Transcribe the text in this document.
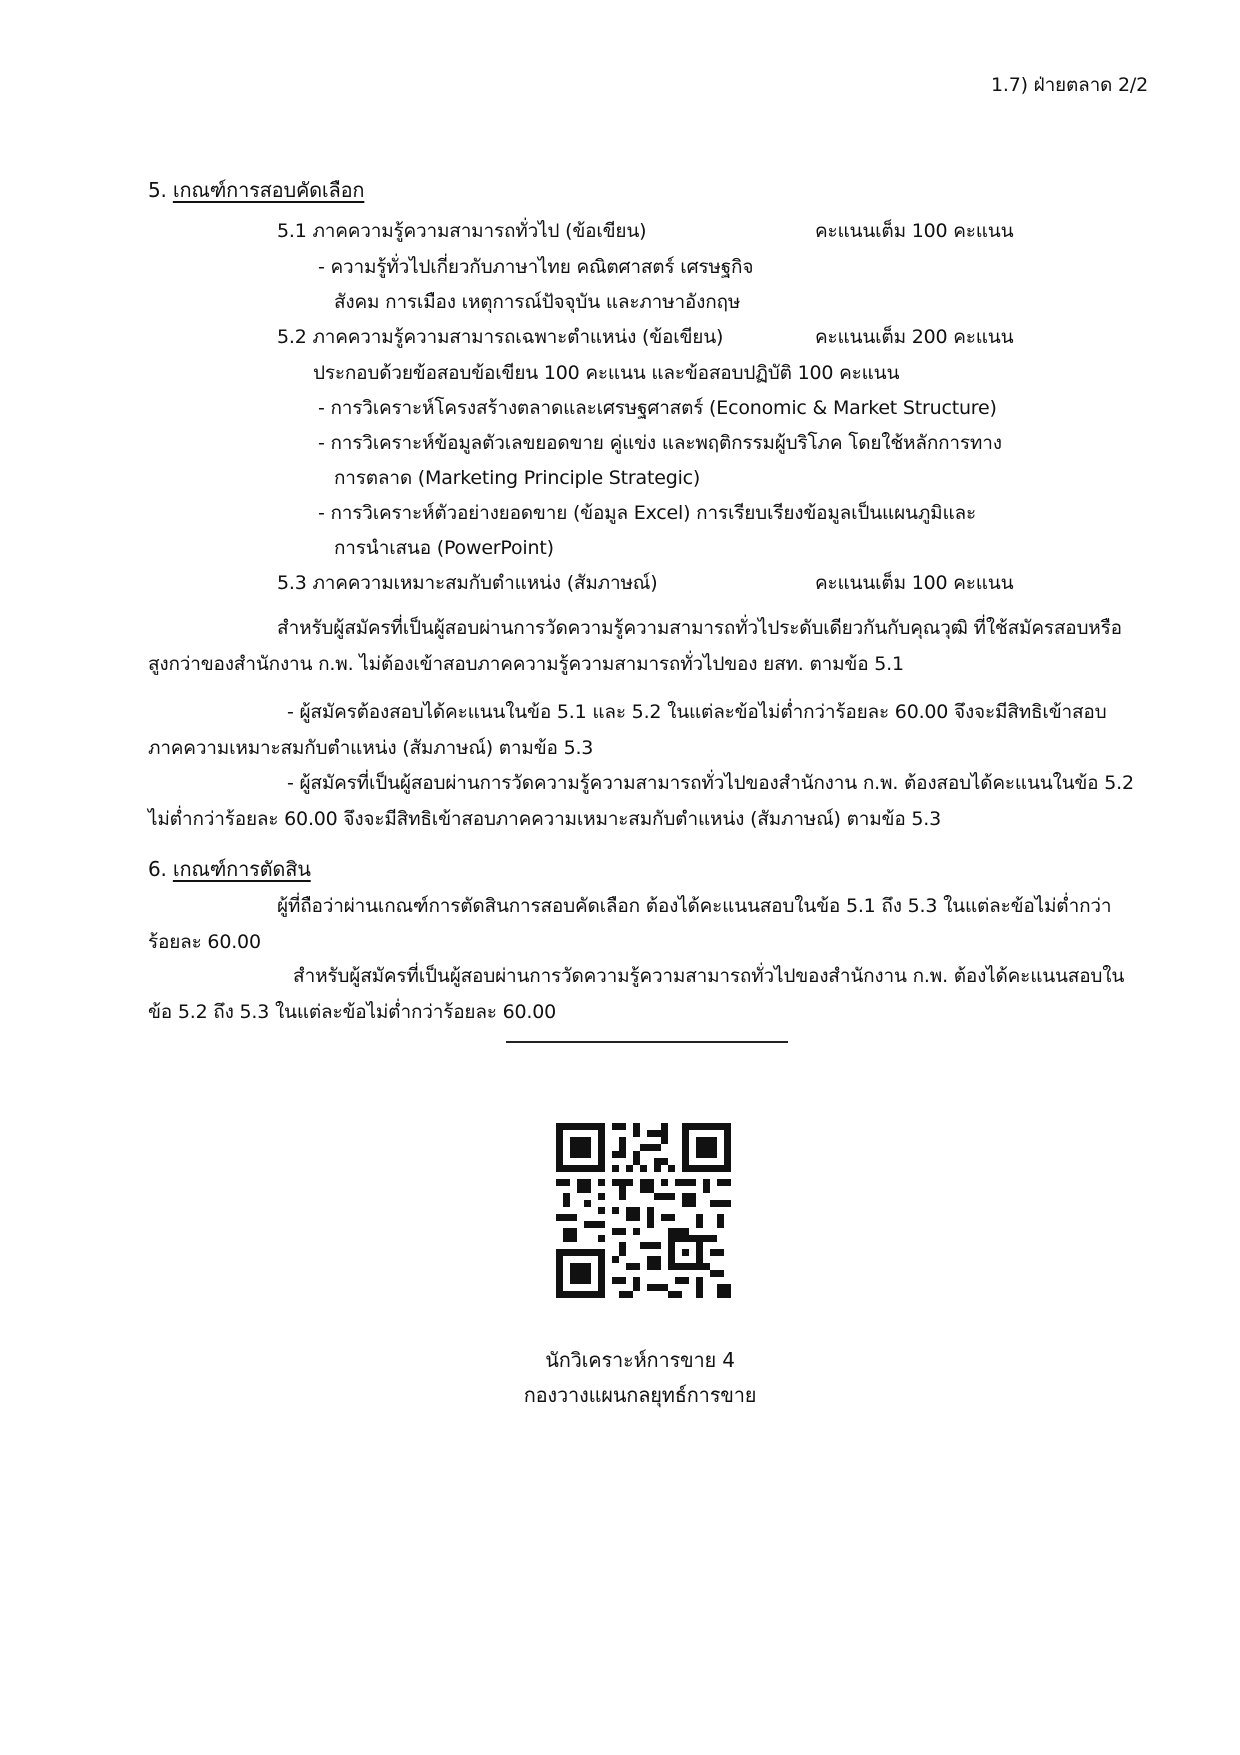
1.7) ฝ่ายตลาด 2/2
5. เกณฑ์การสอบคัดเลือก
5.1 ภาคความรู้ความสามารถทั่วไป (ข้อเขียน)	คะแนนเต็ม 100 คะแนน
- ความรู้ทั่วไปเกี่ยวกับภาษาไทย คณิตศาสตร์ เศรษฐกิจ
สังคม การเมือง เหตุการณ์ปัจจุบัน และภาษาอังกฤษ
5.2 ภาคความรู้ความสามารถเฉพาะตำแหน่ง (ข้อเขียน)	คะแนนเต็ม 200 คะแนน
ประกอบด้วยข้อสอบข้อเขียน 100 คะแนน และข้อสอบปฏิบัติ 100 คะแนน
- การวิเคราะห์โครงสร้างตลาดและเศรษฐศาสตร์ (Economic & Market Structure)
- การวิเคราะห์ข้อมูลตัวเลขยอดขาย คู่แข่ง และพฤติกรรมผู้บริโภค โดยใช้หลักการทาง
การตลาด (Marketing Principle Strategic)
- การวิเคราะห์ตัวอย่างยอดขาย (ข้อมูล Excel) การเรียบเรียงข้อมูลเป็นแผนภูมิและ
การนำเสนอ (PowerPoint)
5.3 ภาคความเหมาะสมกับตำแหน่ง (สัมภาษณ์)	คะแนนเต็ม 100 คะแนน
สำหรับผู้สมัครที่เป็นผู้สอบผ่านการวัดความรู้ความสามารถทั่วไประดับเดียวกันกับคุณวุฒิ ที่ใช้สมัครสอบหรือ
สูงกว่าของสำนักงาน ก.พ. ไม่ต้องเข้าสอบภาคความรู้ความสามารถทั่วไปของ ยสท. ตามข้อ 5.1
- ผู้สมัครต้องสอบได้คะแนนในข้อ 5.1 และ 5.2 ในแต่ละข้อไม่ต่ำกว่าร้อยละ 60.00 จึงจะมีสิทธิเข้าสอบ
ภาคความเหมาะสมกับตำแหน่ง (สัมภาษณ์) ตามข้อ 5.3
- ผู้สมัครที่เป็นผู้สอบผ่านการวัดความรู้ความสามารถทั่วไปของสำนักงาน ก.พ. ต้องสอบได้คะแนนในข้อ 5.2
ไม่ต่ำกว่าร้อยละ 60.00 จึงจะมีสิทธิเข้าสอบภาคความเหมาะสมกับตำแหน่ง (สัมภาษณ์) ตามข้อ 5.3
6. เกณฑ์การตัดสิน
ผู้ที่ถือว่าผ่านเกณฑ์การตัดสินการสอบคัดเลือก ต้องได้คะแนนสอบในข้อ 5.1 ถึง 5.3 ในแต่ละข้อไม่ต่ำกว่า
ร้อยละ 60.00
สำหรับผู้สมัครที่เป็นผู้สอบผ่านการวัดความรู้ความสามารถทั่วไปของสำนักงาน ก.พ. ต้องได้คะแนนสอบใน
ข้อ 5.2 ถึง 5.3 ในแต่ละข้อไม่ต่ำกว่าร้อยละ 60.00
นักวิเคราะห์การขาย 4
กองวางแผนกลยุทธ์การขาย
